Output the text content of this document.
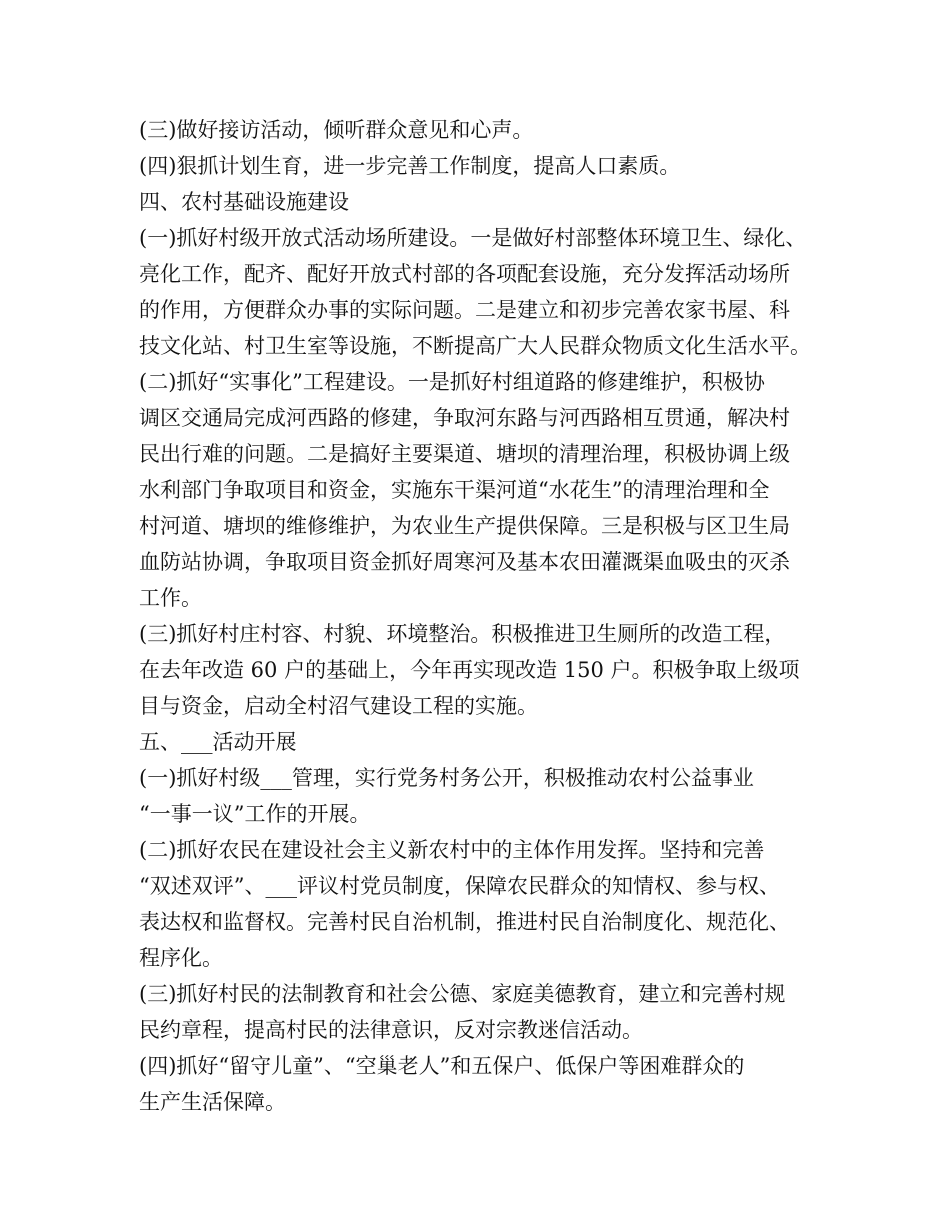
(三)做好接访活动，倾听群众意见和心声。
(四)狠抓计划生育，进一步完善工作制度，提高人口素质。
四、农村基础设施建设
(一)抓好村级开放式活动场所建设。一是做好村部整体环境卫生、绿化、
亮化工作，配齐、配好开放式村部的各项配套设施，充分发挥活动场所
的作用，方便群众办事的实际问题。二是建立和初步完善农家书屋、科
技文化站、村卫生室等设施，不断提高广大人民群众物质文化生活水平。
(二)抓好“实事化”工程建设。一是抓好村组道路的修建维护，积极协
调区交通局完成河西路的修建，争取河东路与河西路相互贯通，解决村
民出行难的问题。二是搞好主要渠道、塘坝的清理治理，积极协调上级
水利部门争取项目和资金，实施东干渠河道“水花生”的清理治理和全
村河道、塘坝的维修维护，为农业生产提供保障。三是积极与区卫生局
血防站协调，争取项目资金抓好周寒河及基本农田灌溉渠血吸虫的灭杀
工作。
(三)抓好村庄村容、村貌、环境整治。积极推进卫生厕所的改造工程，
在去年改造 60 户的基础上，今年再实现改造 150 户。积极争取上级项
目与资金，启动全村沼气建设工程的实施。
五、___活动开展
(一)抓好村级___管理，实行党务村务公开，积极推动农村公益事业
“一事一议”工作的开展。
(二)抓好农民在建设社会主义新农村中的主体作用发挥。坚持和完善
“双述双评”、___评议村党员制度，保障农民群众的知情权、参与权、
表达权和监督权。完善村民自治机制，推进村民自治制度化、规范化、
程序化。
(三)抓好村民的法制教育和社会公德、家庭美德教育，建立和完善村规
民约章程，提高村民的法律意识，反对宗教迷信活动。
(四)抓好“留守儿童”、“空巢老人”和五保户、低保户等困难群众的
生产生活保障。
